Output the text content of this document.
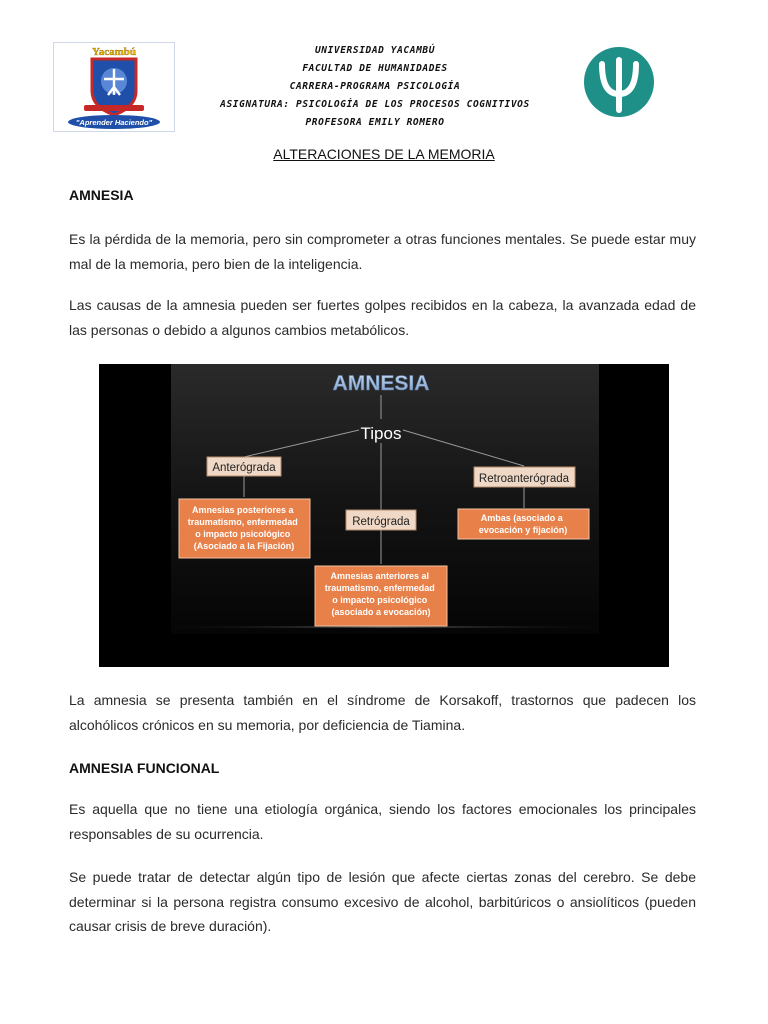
Yacambú
"Aprender Haciendo"
UNIVERSIDAD YACAMBÚ
FACULTAD DE HUMANIDADES
CARRERA-PROGRAMA PSICOLOGÍA
ASIGNATURA: PSICOLOGÍA DE LOS PROCESOS COGNITIVOS
PROFESORA EMILY ROMERO
ALTERACIONES DE LA MEMORIA
AMNESIA
Es la pérdida de la memoria, pero sin comprometer a otras funciones mentales. Se puede estar muy mal de la memoria, pero bien de la inteligencia.
Las causas de la amnesia pueden ser fuertes golpes recibidos en la cabeza, la avanzada edad de las personas o debido a algunos cambios metabólicos.
AMNESIA
Tipos
Anterógrada
Amnesias posteriores a traumatismo, enfermedad o impacto psicológico (Asociado a la Fijación)
Retrógrada
Amnesias anteriores al traumatismo, enfermedad o impacto psicológico (asociado a evocación)
Retroanterógrada
Ambas (asociado a evocación y fijación)
La amnesia se presenta también en el síndrome de Korsakoff, trastornos que padecen los alcohólicos crónicos en su memoria, por deficiencia de Tiamina.
AMNESIA FUNCIONAL
Es aquella que no tiene una etiología orgánica, siendo los factores emocionales los principales responsables de su ocurrencia.
Se puede tratar de detectar algún tipo de lesión que afecte ciertas zonas del cerebro. Se debe determinar si la persona registra consumo excesivo de alcohol, barbitúricos o ansiolíticos (pueden causar crisis de breve duración).
